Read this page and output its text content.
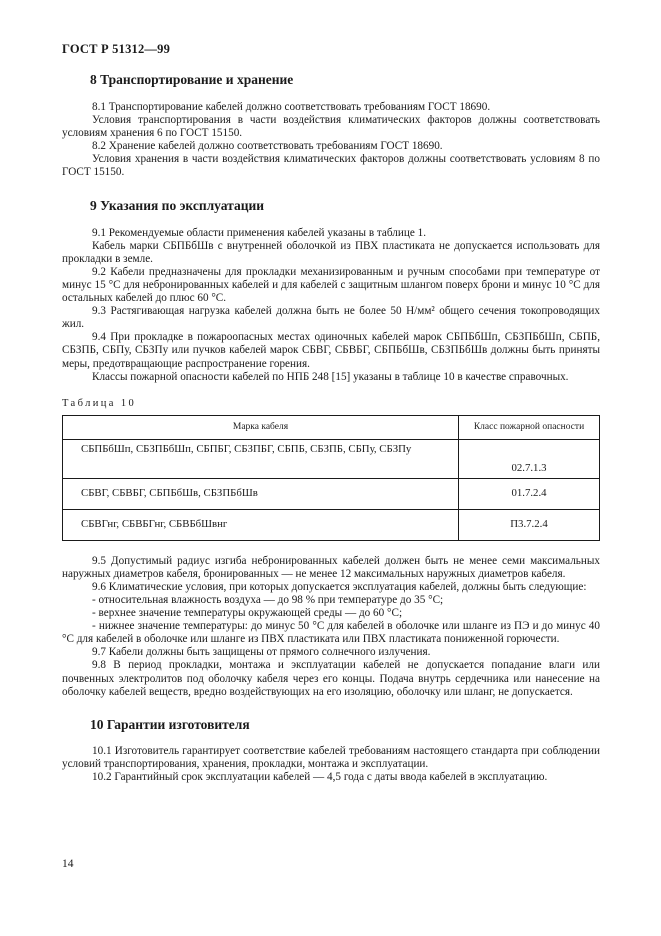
ГОСТ Р 51312—99
8 Транспортирование и хранение

8.1 Транспортирование кабелей должно соответствовать требованиям ГОСТ 18690.

Условия транспортирования в части воздействия климатических факторов должны соответствовать условиям хранения 6 по ГОСТ 15150.

8.2 Хранение кабелей должно соответствовать требованиям ГОСТ 18690.

Условия хранения в части воздействия климатических факторов должны соответствовать условиям 8 по ГОСТ 15150.

9 Указания по эксплуатации

9.1 Рекомендуемые области применения кабелей указаны в таблице 1.

Кабель марки СБПБбШв с внутренней оболочкой из ПВХ пластиката не допускается использовать для прокладки в земле.

9.2 Кабели предназначены для прокладки механизированным и ручным способами при температуре от минус 15 °С для небронированных кабелей и для кабелей с защитным шлангом поверх брони и минус 10 °С для остальных кабелей до плюс 60 °С.

9.3 Растягивающая нагрузка кабелей должна быть не более 50 Н/мм² общего сечения токопроводящих жил.

9.4 При прокладке в пожароопасных местах одиночных кабелей марок СБПБбШп, СБЗПБбШп, СБПБ, СБЗПБ, СБПу, СБЗПу или пучков кабелей марок СБВГ, СБВБГ, СБПБбШв, СБЗПБбШв должны быть приняты меры, предотвращающие распространение горения.

Классы пожарной опасности кабелей по НПБ 248 [15] указаны в таблице 10 в качестве справочных.

Таблица 10
Марка кабеля	Класс пожарной опасности
СБПБбШп, СБЗПБбШп, СБПБГ, СБЗПБГ, СБПБ, СБЗПБ, СБПу, СБЗПу	02.7.1.3
СБВГ, СБВБГ, СБПБбШв, СБЗПБбШв	01.7.2.4
СБВГнг, СБВБГнг, СБВБбШвнг	П3.7.2.4

9.5 Допустимый радиус изгиба небронированных кабелей должен быть не менее семи максимальных наружных диаметров кабеля, бронированных — не менее 12 максимальных наружных диаметров кабеля.

9.6 Климатические условия, при которых допускается эксплуатация кабелей, должны быть следующие:

- относительная влажность воздуха — до 98 % при температуре до 35 °С;

- верхнее значение температуры окружающей среды — до 60 °С;

- нижнее значение температуры: до минус 50 °С для кабелей в оболочке или шланге из ПЭ и до минус 40 °С для кабелей в оболочке или шланге из ПВХ пластиката или ПВХ пластиката пониженной горючести.

9.7 Кабели должны быть защищены от прямого солнечного излучения.

9.8 В период прокладки, монтажа и эксплуатации кабелей не допускается попадание влаги или почвенных электролитов под оболочку кабеля через его концы. Подача внутрь сердечника или нанесение на оболочку кабелей веществ, вредно воздействующих на его изоляцию, оболочку или шланг, не допускается.

10 Гарантии изготовителя

10.1 Изготовитель гарантирует соответствие кабелей требованиям настоящего стандарта при соблюдении условий транспортирования, хранения, прокладки, монтажа и эксплуатации.

10.2 Гарантийный срок эксплуатации кабелей — 4,5 года с даты ввода кабелей в эксплуатацию.

14
